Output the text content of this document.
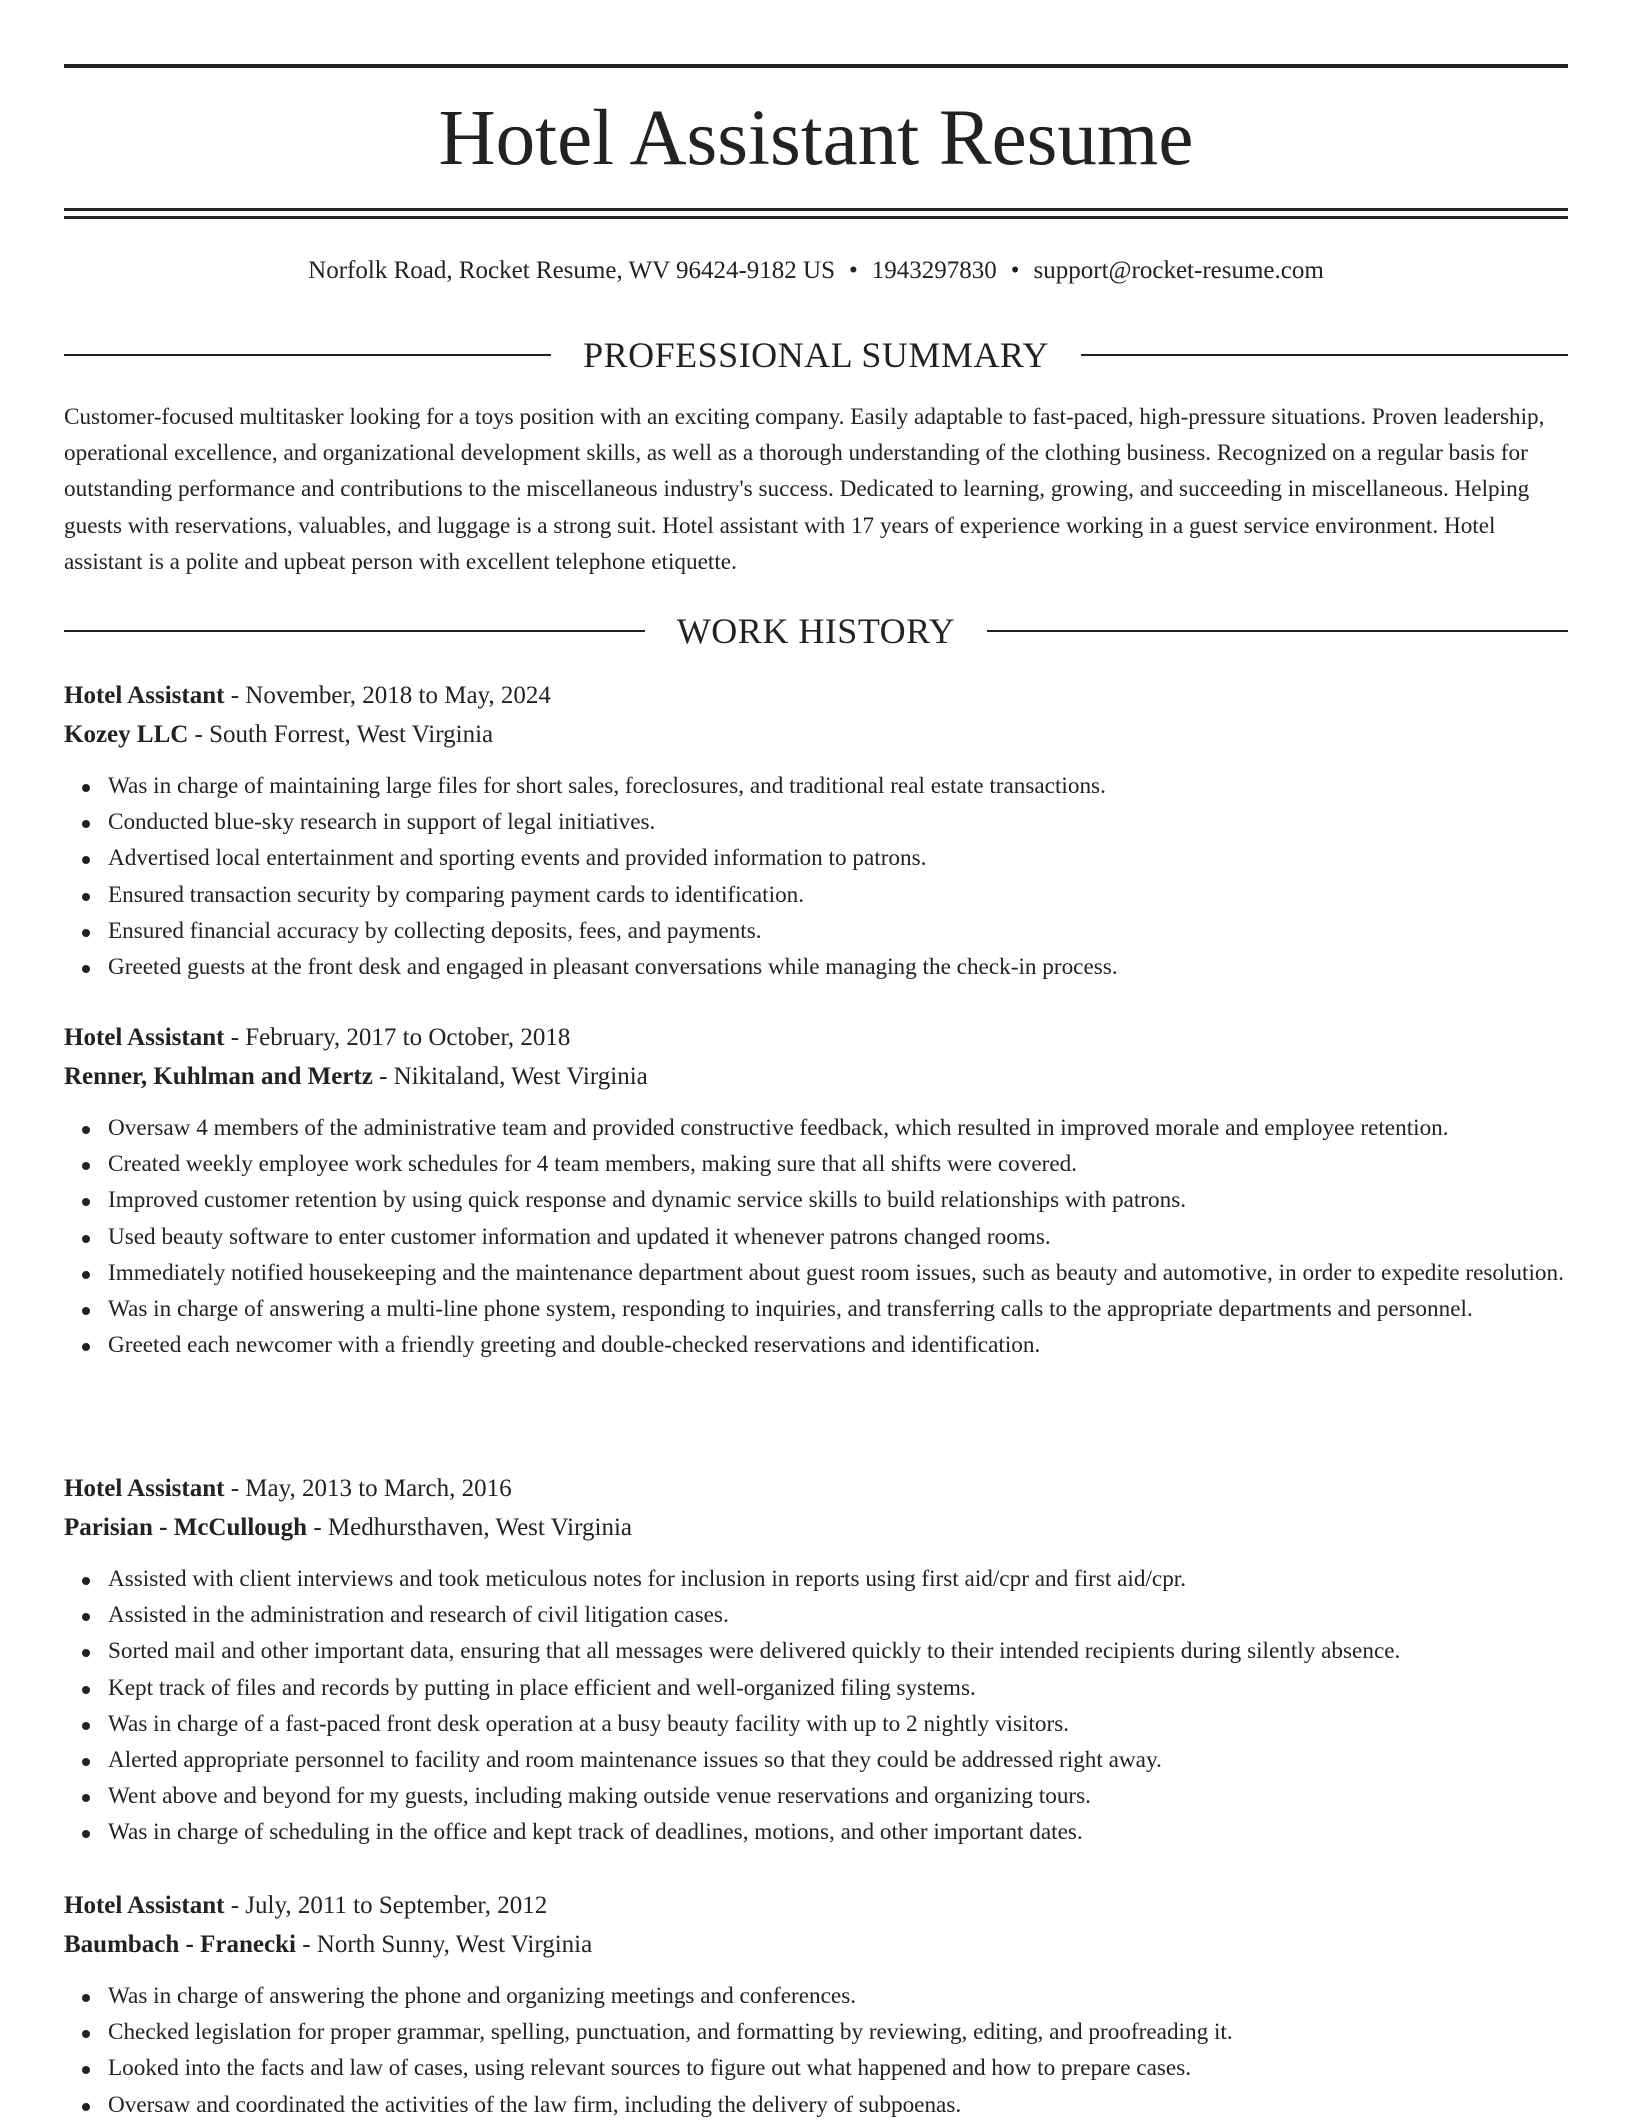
Hotel Assistant Resume
Norfolk Road, Rocket Resume, WV 96424-9182 US • 1943297830 • support@rocket-resume.com
PROFESSIONAL SUMMARY

Customer-focused multitasker looking for a toys position with an exciting company. Easily adaptable to fast-paced, high-pressure situations. Proven leadership, operational excellence, and organizational development skills, as well as a thorough understanding of the clothing business. Recognized on a regular basis for outstanding performance and contributions to the miscellaneous industry's success. Dedicated to learning, growing, and succeeding in miscellaneous. Helping guests with reservations, valuables, and luggage is a strong suit. Hotel assistant with 17 years of experience working in a guest service environment. Hotel assistant is a polite and upbeat person with excellent telephone etiquette.

WORK HISTORY
Hotel Assistant - November, 2018 to May, 2024
Kozey LLC - South Forrest, West Virginia
Was in charge of maintaining large files for short sales, foreclosures, and traditional real estate transactions.
Conducted blue-sky research in support of legal initiatives.
Advertised local entertainment and sporting events and provided information to patrons.
Ensured transaction security by comparing payment cards to identification.
Ensured financial accuracy by collecting deposits, fees, and payments.
Greeted guests at the front desk and engaged in pleasant conversations while managing the check-in process.
Hotel Assistant - February, 2017 to October, 2018
Renner, Kuhlman and Mertz - Nikitaland, West Virginia
Oversaw 4 members of the administrative team and provided constructive feedback, which resulted in improved morale and employee retention.
Created weekly employee work schedules for 4 team members, making sure that all shifts were covered.
Improved customer retention by using quick response and dynamic service skills to build relationships with patrons.
Used beauty software to enter customer information and updated it whenever patrons changed rooms.
Immediately notified housekeeping and the maintenance department about guest room issues, such as beauty and automotive, in order to expedite resolution.
Was in charge of answering a multi-line phone system, responding to inquiries, and transferring calls to the appropriate departments and personnel.
Greeted each newcomer with a friendly greeting and double-checked reservations and identification.
Hotel Assistant - May, 2013 to March, 2016
Parisian - McCullough - Medhursthaven, West Virginia
Assisted with client interviews and took meticulous notes for inclusion in reports using first aid/cpr and first aid/cpr.
Assisted in the administration and research of civil litigation cases.
Sorted mail and other important data, ensuring that all messages were delivered quickly to their intended recipients during silently absence.
Kept track of files and records by putting in place efficient and well-organized filing systems.
Was in charge of a fast-paced front desk operation at a busy beauty facility with up to 2 nightly visitors.
Alerted appropriate personnel to facility and room maintenance issues so that they could be addressed right away.
Went above and beyond for my guests, including making outside venue reservations and organizing tours.
Was in charge of scheduling in the office and kept track of deadlines, motions, and other important dates.
Hotel Assistant - July, 2011 to September, 2012
Baumbach - Franecki - North Sunny, West Virginia
Was in charge of answering the phone and organizing meetings and conferences.
Checked legislation for proper grammar, spelling, punctuation, and formatting by reviewing, editing, and proofreading it.
Looked into the facts and law of cases, using relevant sources to figure out what happened and how to prepare cases.
Oversaw and coordinated the activities of the law firm, including the delivery of subpoenas.
